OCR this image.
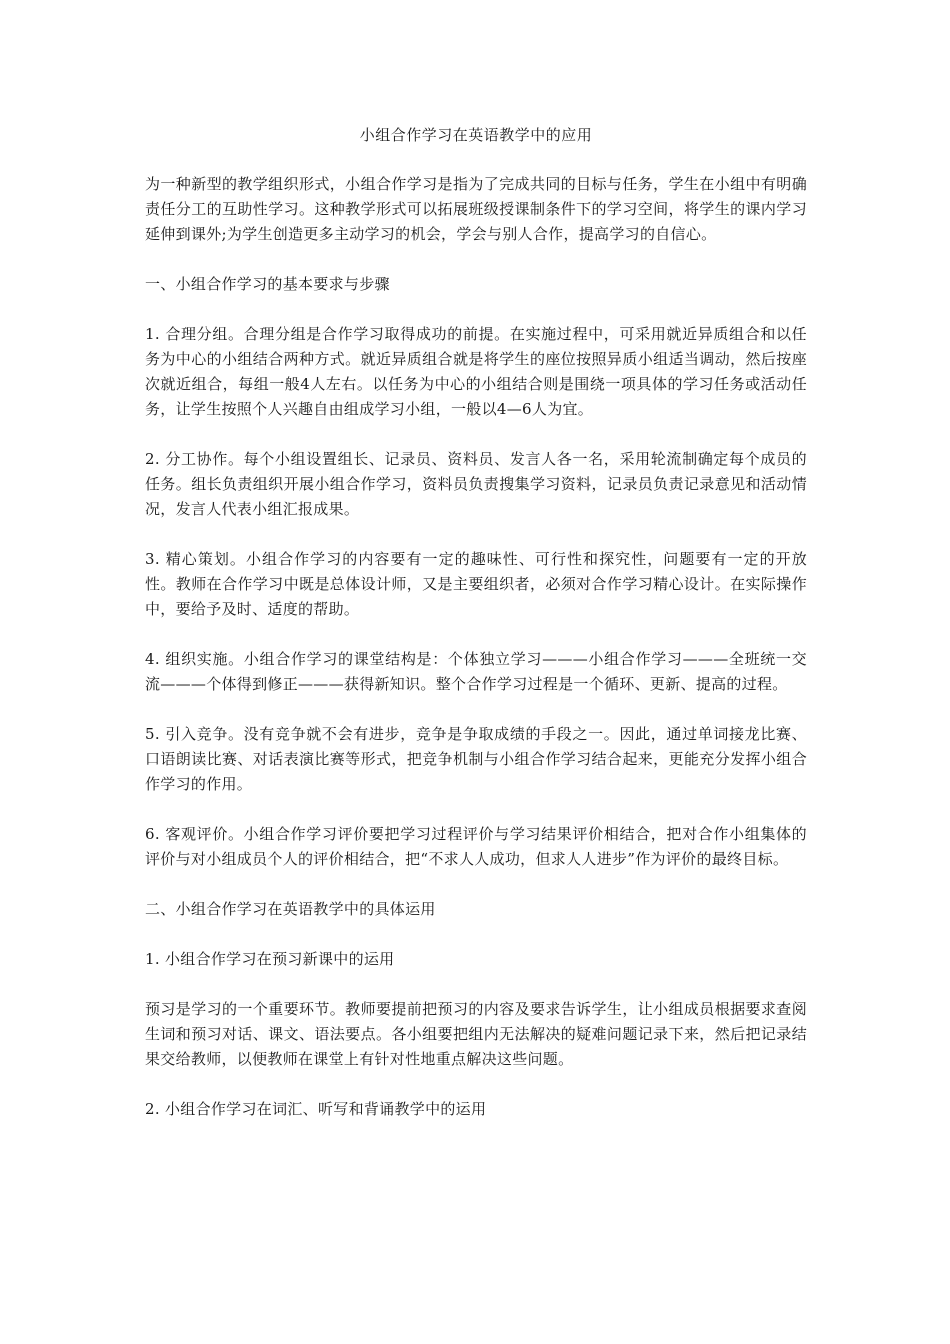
小组合作学习在英语教学中的应用

为一种新型的教学组织形式，小组合作学习是指为了完成共同的目标与任务，学生在小组中有明确责任分工的互助性学习。这种教学形式可以拓展班级授课制条件下的学习空间，将学生的课内学习延伸到课外;为学生创造更多主动学习的机会，学会与别人合作，提高学习的自信心。

一、小组合作学习的基本要求与步骤

1. 合理分组。合理分组是合作学习取得成功的前提。在实施过程中，可采用就近异质组合和以任务为中心的小组结合两种方式。就近异质组合就是将学生的座位按照异质小组适当调动，然后按座次就近组合，每组一般4人左右。以任务为中心的小组结合则是围绕一项具体的学习任务或活动任务，让学生按照个人兴趣自由组成学习小组，一般以4—6人为宜。

2. 分工协作。每个小组设置组长、记录员、资料员、发言人各一名，采用轮流制确定每个成员的任务。组长负责组织开展小组合作学习，资料员负责搜集学习资料，记录员负责记录意见和活动情况，发言人代表小组汇报成果。

3. 精心策划。小组合作学习的内容要有一定的趣味性、可行性和探究性，问题要有一定的开放性。教师在合作学习中既是总体设计师，又是主要组织者，必须对合作学习精心设计。在实际操作中，要给予及时、适度的帮助。

4. 组织实施。小组合作学习的课堂结构是：个体独立学习———小组合作学习———全班统一交流———个体得到修正———获得新知识。整个合作学习过程是一个循环、更新、提高的过程。

5. 引入竞争。没有竞争就不会有进步，竞争是争取成绩的手段之一。因此，通过单词接龙比赛、口语朗读比赛、对话表演比赛等形式，把竞争机制与小组合作学习结合起来，更能充分发挥小组合作学习的作用。

6. 客观评价。小组合作学习评价要把学习过程评价与学习结果评价相结合，把对合作小组集体的评价与对小组成员个人的评价相结合，把“不求人人成功，但求人人进步”作为评价的最终目标。

二、小组合作学习在英语教学中的具体运用

1. 小组合作学习在预习新课中的运用

预习是学习的一个重要环节。教师要提前把预习的内容及要求告诉学生，让小组成员根据要求查阅生词和预习对话、课文、语法要点。各小组要把组内无法解决的疑难问题记录下来，然后把记录结果交给教师，以便教师在课堂上有针对性地重点解决这些问题。

2. 小组合作学习在词汇、听写和背诵教学中的运用
